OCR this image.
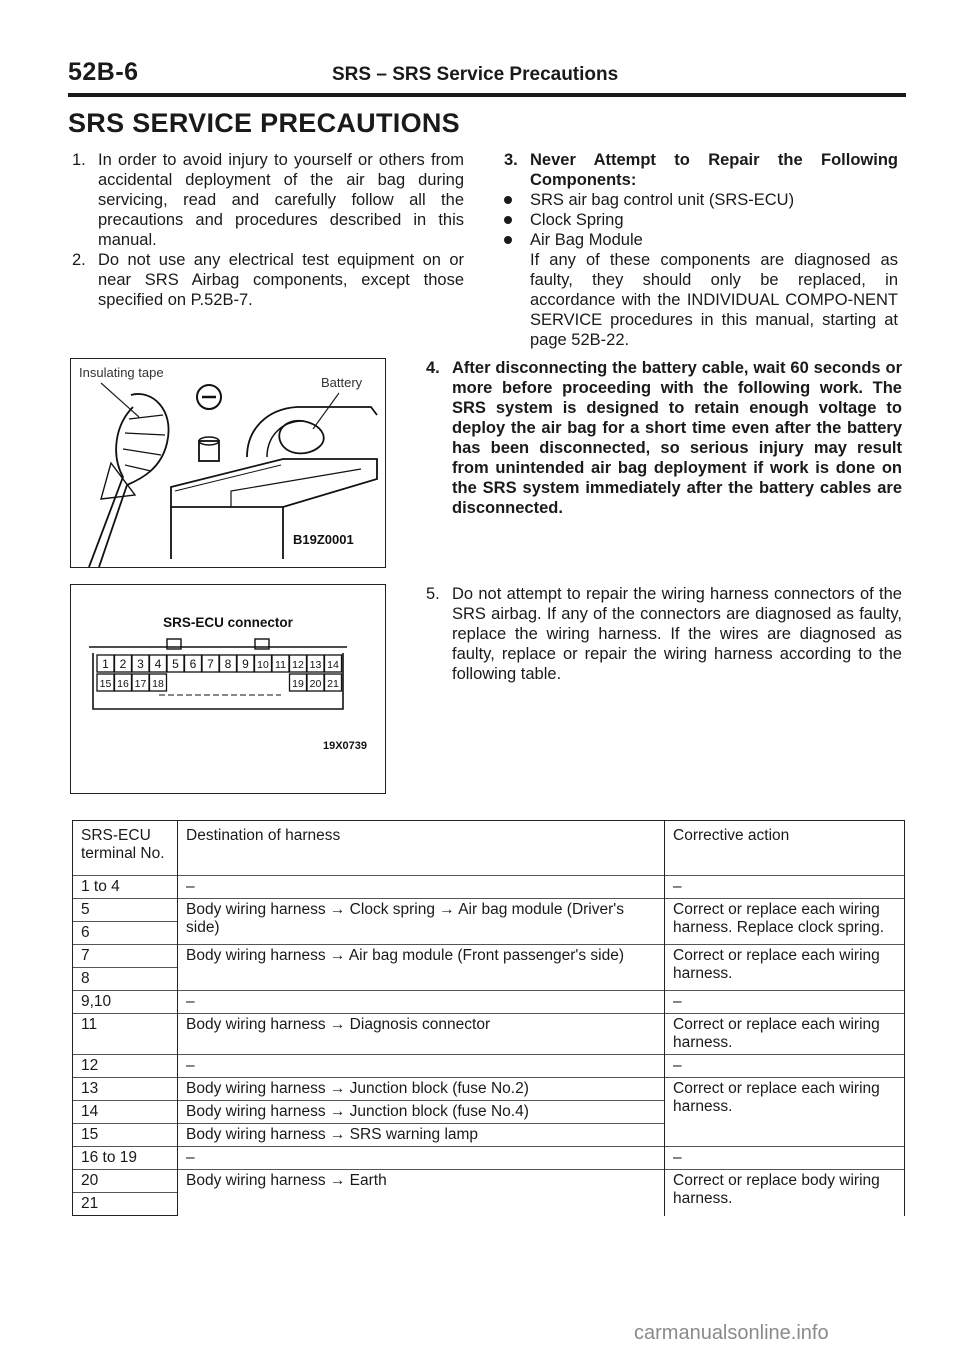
52B-6	SRS – SRS Service Precautions
SRS SERVICE PRECAUTIONS
1. In order to avoid injury to yourself or others from accidental deployment of the air bag during servicing, read and carefully follow all the precautions and procedures described in this manual.
2. Do not use any electrical test equipment on or near SRS Airbag components, except those specified on P.52B-7.
3. Never Attempt to Repair the Following Components:
SRS air bag control unit (SRS-ECU)
Clock Spring
Air Bag Module
If any of these components are diagnosed as faulty, they should only be replaced, in accordance with the INDIVIDUAL COMPO-NENT SERVICE procedures in this manual, starting at page 52B-22.
4. After disconnecting the battery cable, wait 60 seconds or more before proceeding with the following work. The SRS system is designed to retain enough voltage to deploy the air bag for a short time even after the battery has been disconnected, so serious injury may result from unintended air bag deployment if work is done on the SRS system immediately after the battery cables are disconnected.
5. Do not attempt to repair the wiring harness connectors of the SRS airbag. If any of the connectors are diagnosed as faulty, replace the wiring harness. If the wires are diagnosed as faulty, replace or repair the wiring harness according to the following table.
Insulating tape
Battery
B19Z0001
SRS-ECU connector
1 2 3 4 5 6 7 8 9 10 11 12 13 14
15 16 17 18	19 20 21
19X0739
SRS-ECU terminal No.	Destination of harness	Corrective action
1 to 4	–	–
5	Body wiring harness → Clock spring → Air bag module (Driver's side)	Correct or replace each wiring harness. Replace clock spring.
6		
7	Body wiring harness → Air bag module (Front passenger's side)	Correct or replace each wiring harness.
8		
9,10	–	–
11	Body wiring harness → Diagnosis connector	Correct or replace each wiring harness.
12	–	–
13	Body wiring harness → Junction block (fuse No.2)	Correct or replace each wiring harness.
14	Body wiring harness → Junction block (fuse No.4)	
15	Body wiring harness → SRS warning lamp	
16 to 19	–	–
20	Body wiring harness → Earth	Correct or replace body wiring harness.
21		
carmanualsonline.info
